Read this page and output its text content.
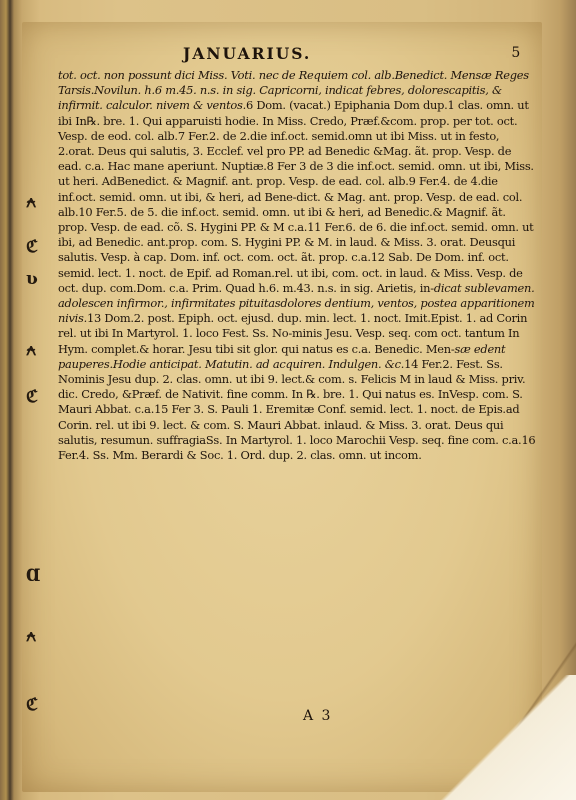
JANUARIUS.	5
tot. oct. non possunt dici Miss. Voti. nec de Requiem col. alb.Benedict. Mensæ Reges Tarsis.Novilun. h.6 m.45. n.s. in sig. Capricorni, indicat febres, dolorescapitis, & infirmit. calculor. nivem & ventos.6 Dom. (vacat.) Epiphania Dom dup.1 clas. omn. ut ibi In℞. bre. 1. Qui apparuisti hodie. In Miss. Credo, Præf.&com. prop. per tot. oct. Vesp. de eod. col. alb.7 Fer.2. de 2.die inf.oct. semid.omn ut ibi Miss. ut in festo, 2.orat. Deus qui salutis, 3. Ecclef. vel pro PP. ad Benedic &Mag. ãt. prop. Vesp. de ead. c.a. Hac mane aperiunt. Nuptiæ.8 Fer 3 de 3 die inf.oct. semid. omn. ut ibi, Miss. ut heri. AdBenedict. & Magnif. ant. prop. Vesp. de ead. col. alb.9 Fer.4. de 4.die inf.oct. semid. omn. ut ibi, & heri, ad Bene-dict. & Mag. ant. prop. Vesp. de ead. col. alb.10 Fer.5. de 5. die inf.oct. semid. omn. ut ibi & heri, ad Benedic.& Magnif. ãt. prop. Vesp. de ead. cõ. S. Hygini PP. & M c.a.11 Fer.6. de 6. die inf.oct. semid. omn. ut ibi, ad Benedic. ant.prop. com. S. Hygini PP. & M. in laud. & Miss. 3. orat. Deusqui salutis. Vesp. à cap. Dom. inf. oct. com. oct. ãt. prop. c.a.12 Sab. De Dom. inf. oct. semid. lect. 1. noct. de Epif. ad Roman.rel. ut ibi, com. oct. in laud. & Miss. Vesp. de oct. dup. com.Dom. c.a. Prim. Quad h.6. m.43. n.s. in sig. Arietis, in-dicat sublevamen. adolescen infirmor., infirmitates pituitasdolores dentium, ventos, postea apparitionem nivis.13 Dom.2. post. Epiph. oct. ejusd. dup. min. lect. 1. noct. Imit.Epist. 1. ad Corin rel. ut ibi In Martyrol. 1. loco Fest. Ss. No-minis Jesu. Vesp. seq. com oct. tantum In Hym. complet.& horar. Jesu tibi sit glor. qui natus es c.a. Benedic. Men-sæ edent pauperes.Hodie anticipat. Matutin. ad acquiren. Indulgen. &c.14 Fer.2. Fest. Ss. Nominis Jesu dup. 2. clas. omn. ut ibi 9. lect.& com. s. Felicis M in laud & Miss. priv. dic. Credo, &Præf. de Nativit. fine comm. In ℞. bre. 1. Qui natus es. InVesp. com. S. Mauri Abbat. c.a.15 Fer 3. S. Pauli 1. Eremitæ Conf. semid. lect. 1. noct. de Epis.ad Corin. rel. ut ibi 9. lect. & com. S. Mauri Abbat. inlaud. & Miss. 3. orat. Deus qui salutis, resumun. suffragiaSs. In Martyrol. 1. loco Marochii Vesp. seq. fine com. c.a.16 Fer.4. Ss. Mm. Berardi & Soc. 1. Ord. dup. 2. clas. omn. ut incom.
⍲
ℭ
ʋ
⍲
ℭ
Ɑ
⍲
ℭ
A 3
